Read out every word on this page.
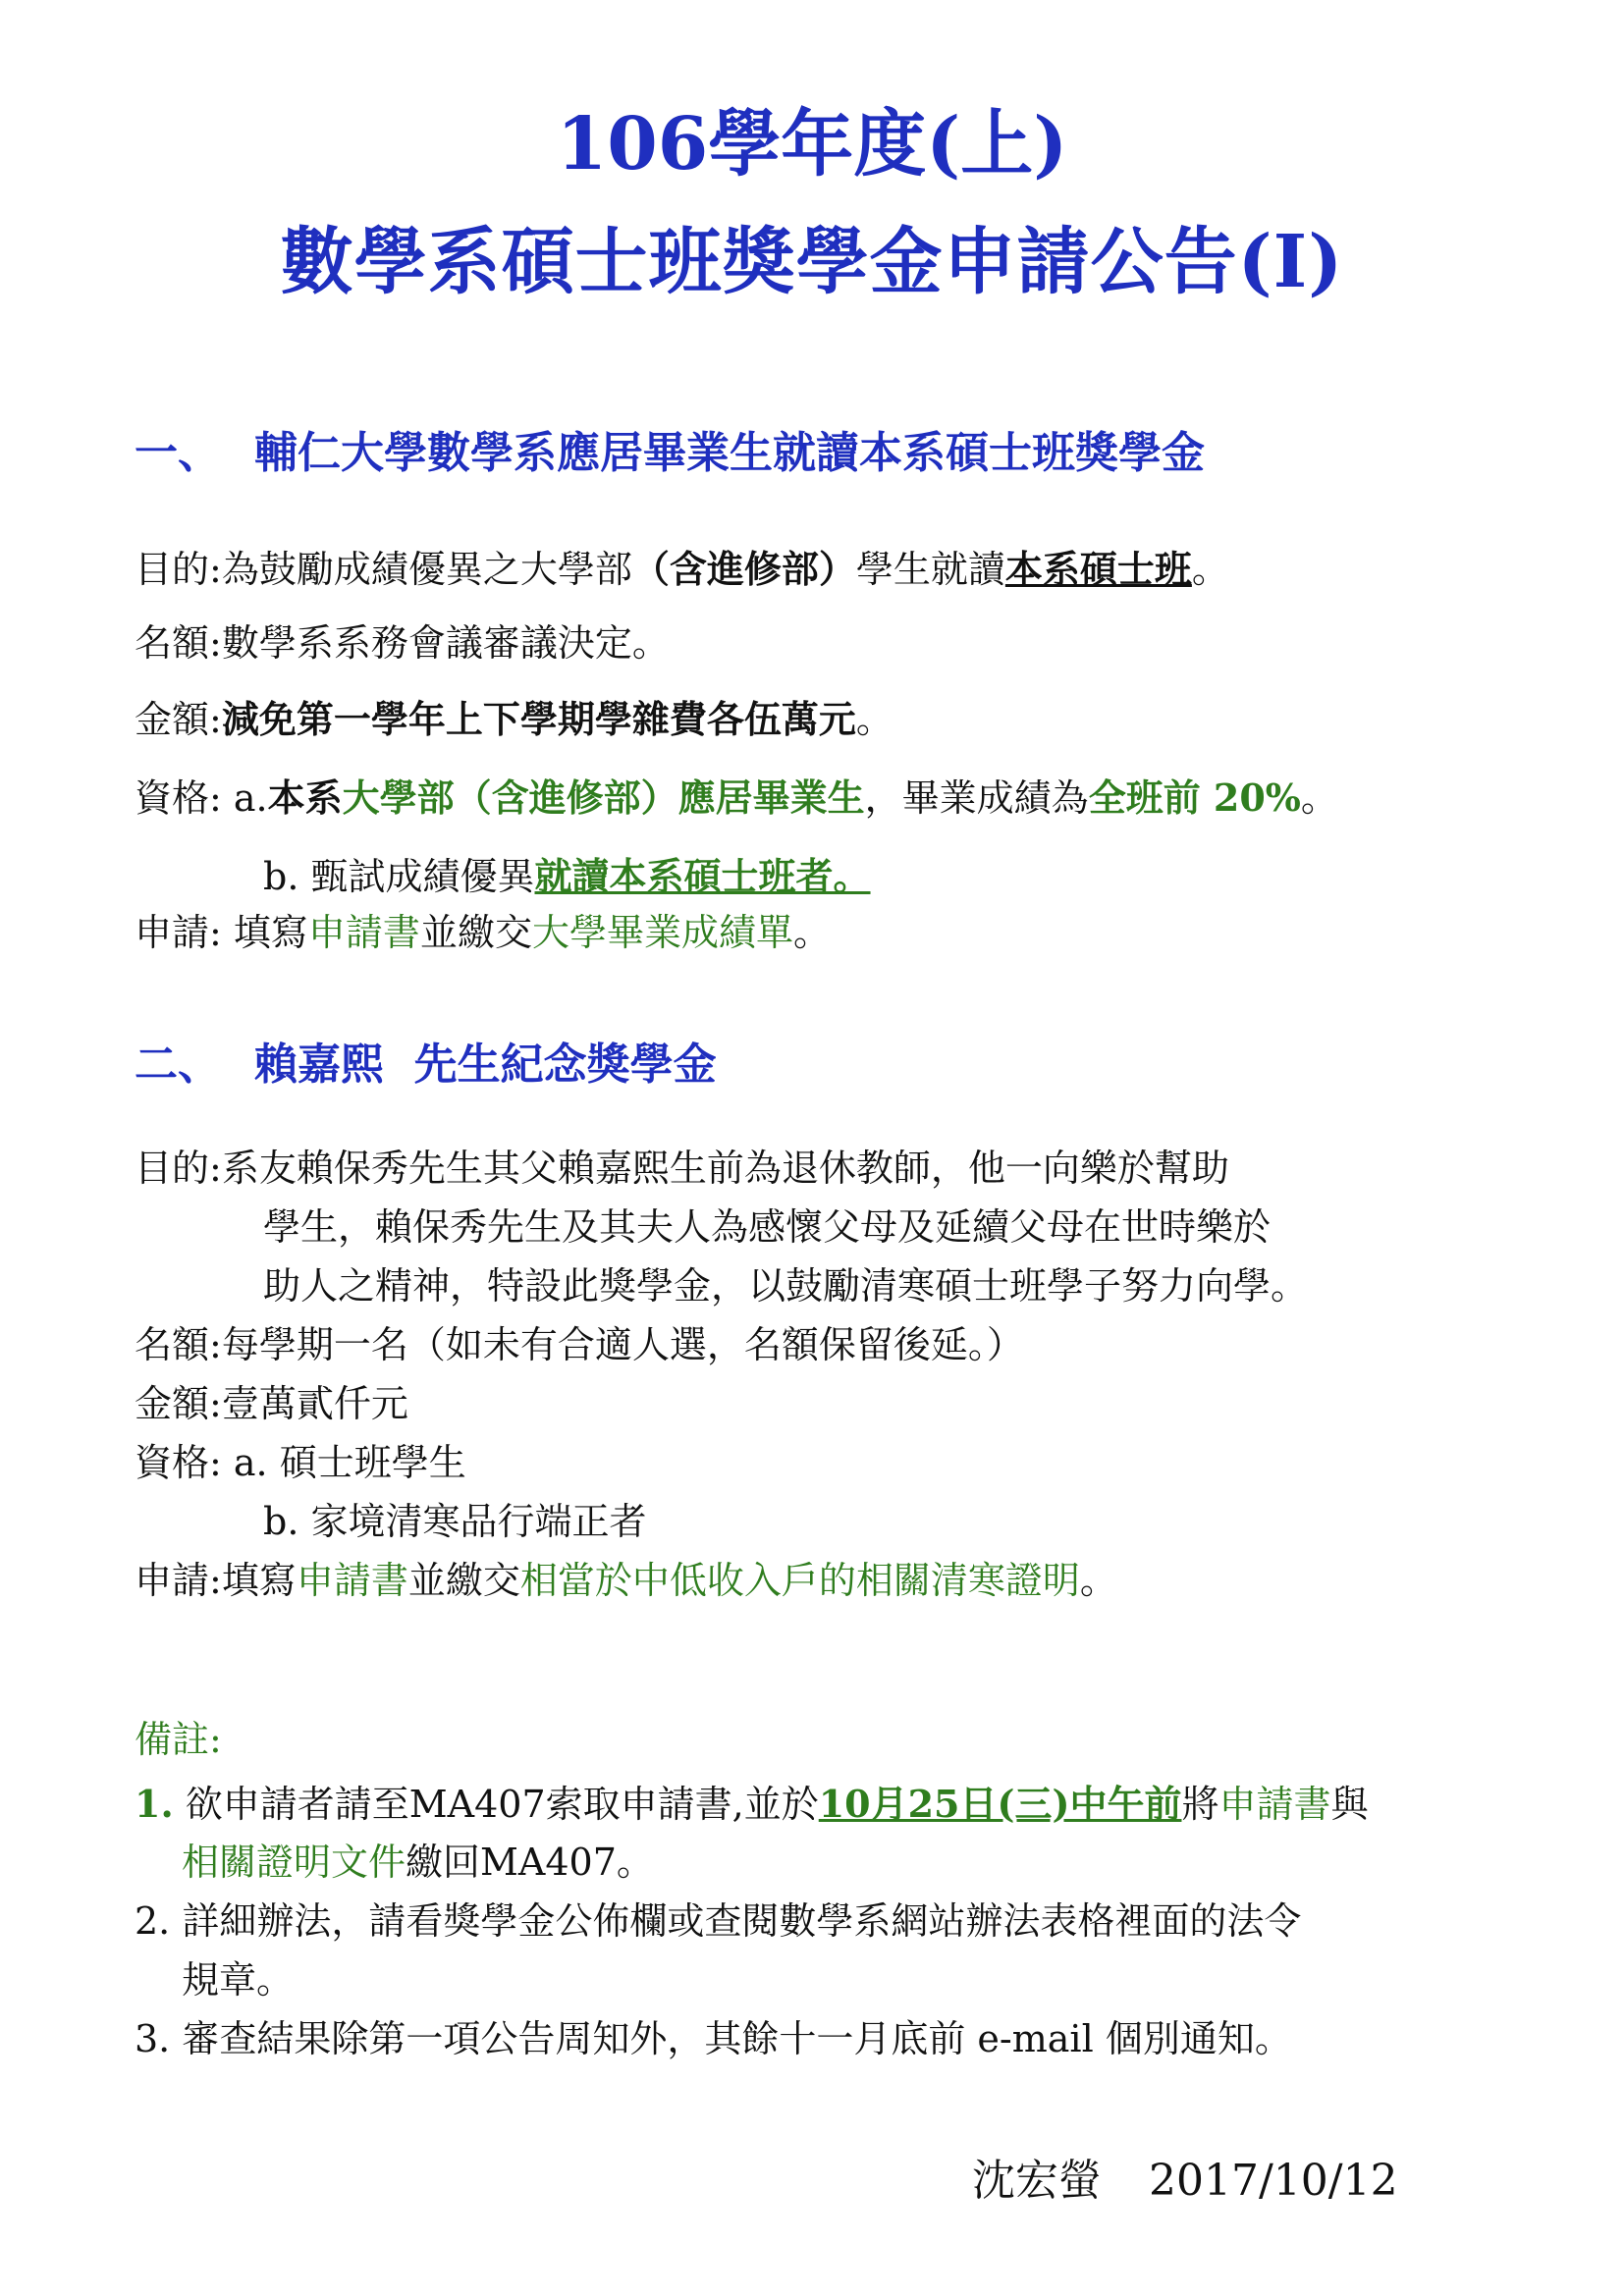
106學年度(上)
數學系碩士班獎學金申請公告(I)
一、 輔仁大學數學系應居畢業生就讀本系碩士班獎學金
目的:為鼓勵成績優異之大學部（含進修部）學生就讀本系碩士班。
名額:數學系系務會議審議決定。
金額:減免第一學年上下學期學雜費各伍萬元。
資格: a.本系大學部（含進修部）應居畢業生，畢業成績為全班前 20%。
b. 甄試成績優異就讀本系碩士班者。
申請: 填寫申請書並繳交大學畢業成績單。
二、 賴嘉熙  先生紀念獎學金
目的:系友賴保秀先生其父賴嘉熙生前為退休教師，他一向樂於幫助
學生，賴保秀先生及其夫人為感懷父母及延續父母在世時樂於
助人之精神，特設此獎學金，以鼓勵清寒碩士班學子努力向學。
名額:每學期一名（如未有合適人選，名額保留後延。）
金額:壹萬貳仟元
資格: a. 碩士班學生
b. 家境清寒品行端正者
申請:填寫申請書並繳交相當於中低收入戶的相關清寒證明。
備註:
1. 欲申請者請至MA407索取申請書,並於10月25日(三)中午前將申請書與
相關證明文件繳回MA407。
2. 詳細辦法，請看獎學金公佈欄或查閱數學系網站辦法表格裡面的法令
規章。
3. 審查結果除第一項公告周知外，其餘十一月底前 e-mail 個別通知。
沈宏螢 2017/10/12
